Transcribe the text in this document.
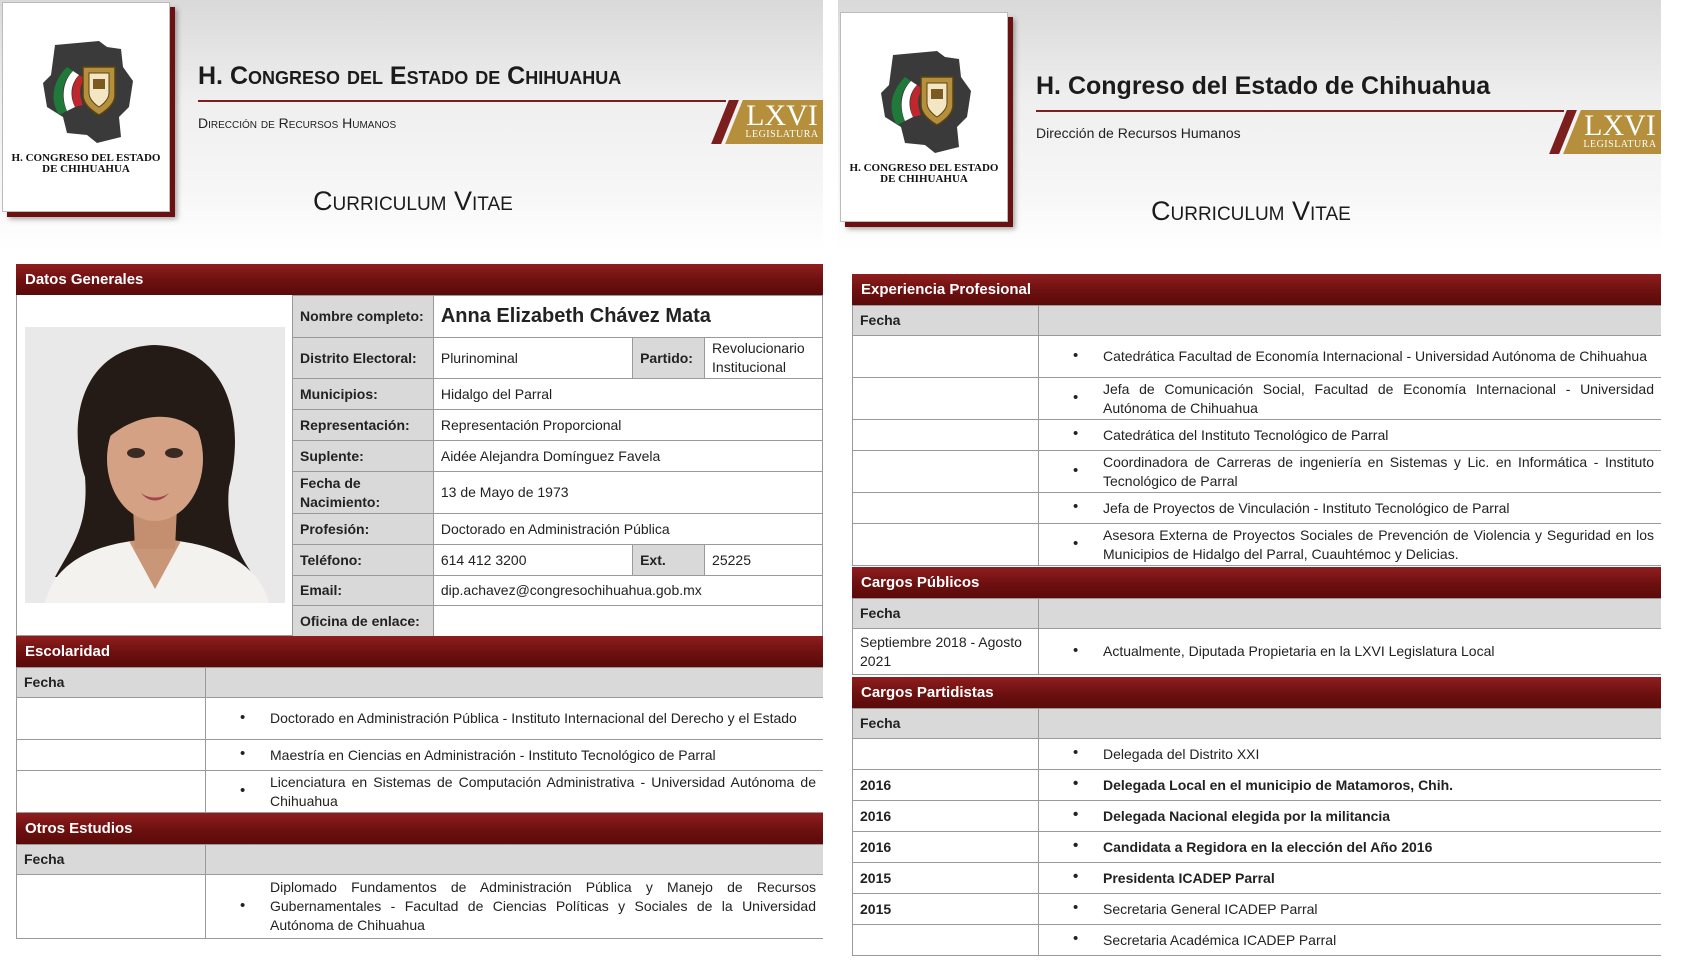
H. CONGRESO DEL ESTADO
DE CHIHUAHUA
H. Congreso del Estado de Chihuahua
Dirección de Recursos Humanos	LXVI
LEGISLATURA
Curriculum Vitae
Datos Generales
Nombre completo:	Anna Elizabeth Chávez Mata		
Distrito Electoral:	Plurinominal	Partido:	Revolucionario Institucional
Municipios:	Hidalgo del Parral		
Representación:	Representación Proporcional		
Suplente:	Aidée Alejandra Domínguez Favela		
Fecha de Nacimiento:	13 de Mayo de 1973		
Profesión:	Doctorado en Administración Pública		
Teléfono:	614 412 3200	Ext.	25225
Email:	dip.achavez@congresochihuahua.gob.mx		
Oficina de enlace:			
Escolaridad
Fecha	
	• Doctorado en Administración Pública - Instituto Internacional del Derecho y el Estado
	• Maestría en Ciencias en Administración - Instituto Tecnológico de Parral
	• Licenciatura en Sistemas de Computación Administrativa - Universidad Autónoma de Chihuahua
Otros Estudios
Fecha	
	• Diplomado Fundamentos de Administración Pública y Manejo de Recursos Gubernamentales - Facultad de Ciencias Políticas y Sociales de la Universidad Autónoma de Chihuahua
H. CONGRESO DEL ESTADO
DE CHIHUAHUA
H. Congreso del Estado de Chihuahua
Dirección de Recursos Humanos	LXVI
LEGISLATURA
Curriculum Vitae
Experiencia Profesional
Fecha	
	• Catedrática Facultad de Economía Internacional - Universidad Autónoma de Chihuahua
	• Jefa de Comunicación Social, Facultad de Economía Internacional - Universidad Autónoma de Chihuahua
	• Catedrática del Instituto Tecnológico de Parral
	• Coordinadora de Carreras de ingeniería en Sistemas y Lic. en Informática - Instituto Tecnológico de Parral
	• Jefa de Proyectos de Vinculación - Instituto Tecnológico de Parral
	• Asesora Externa de Proyectos Sociales de Prevención de Violencia y Seguridad en los Municipios de Hidalgo del Parral, Cuauhtémoc y Delicias.
Cargos Públicos
Fecha	
Septiembre 2018 - Agosto 2021	• Actualmente, Diputada Propietaria en la LXVI Legislatura Local
Cargos Partidistas
Fecha	
	• Delegada del Distrito XXI
2016	• Delegada Local en el municipio de Matamoros, Chih.
2016	• Delegada Nacional elegida por la militancia
2016	• Candidata a Regidora en la elección del Año 2016
2015	• Presidenta ICADEP Parral
2015	• Secretaria General ICADEP Parral
	• Secretaria Académica ICADEP Parral
